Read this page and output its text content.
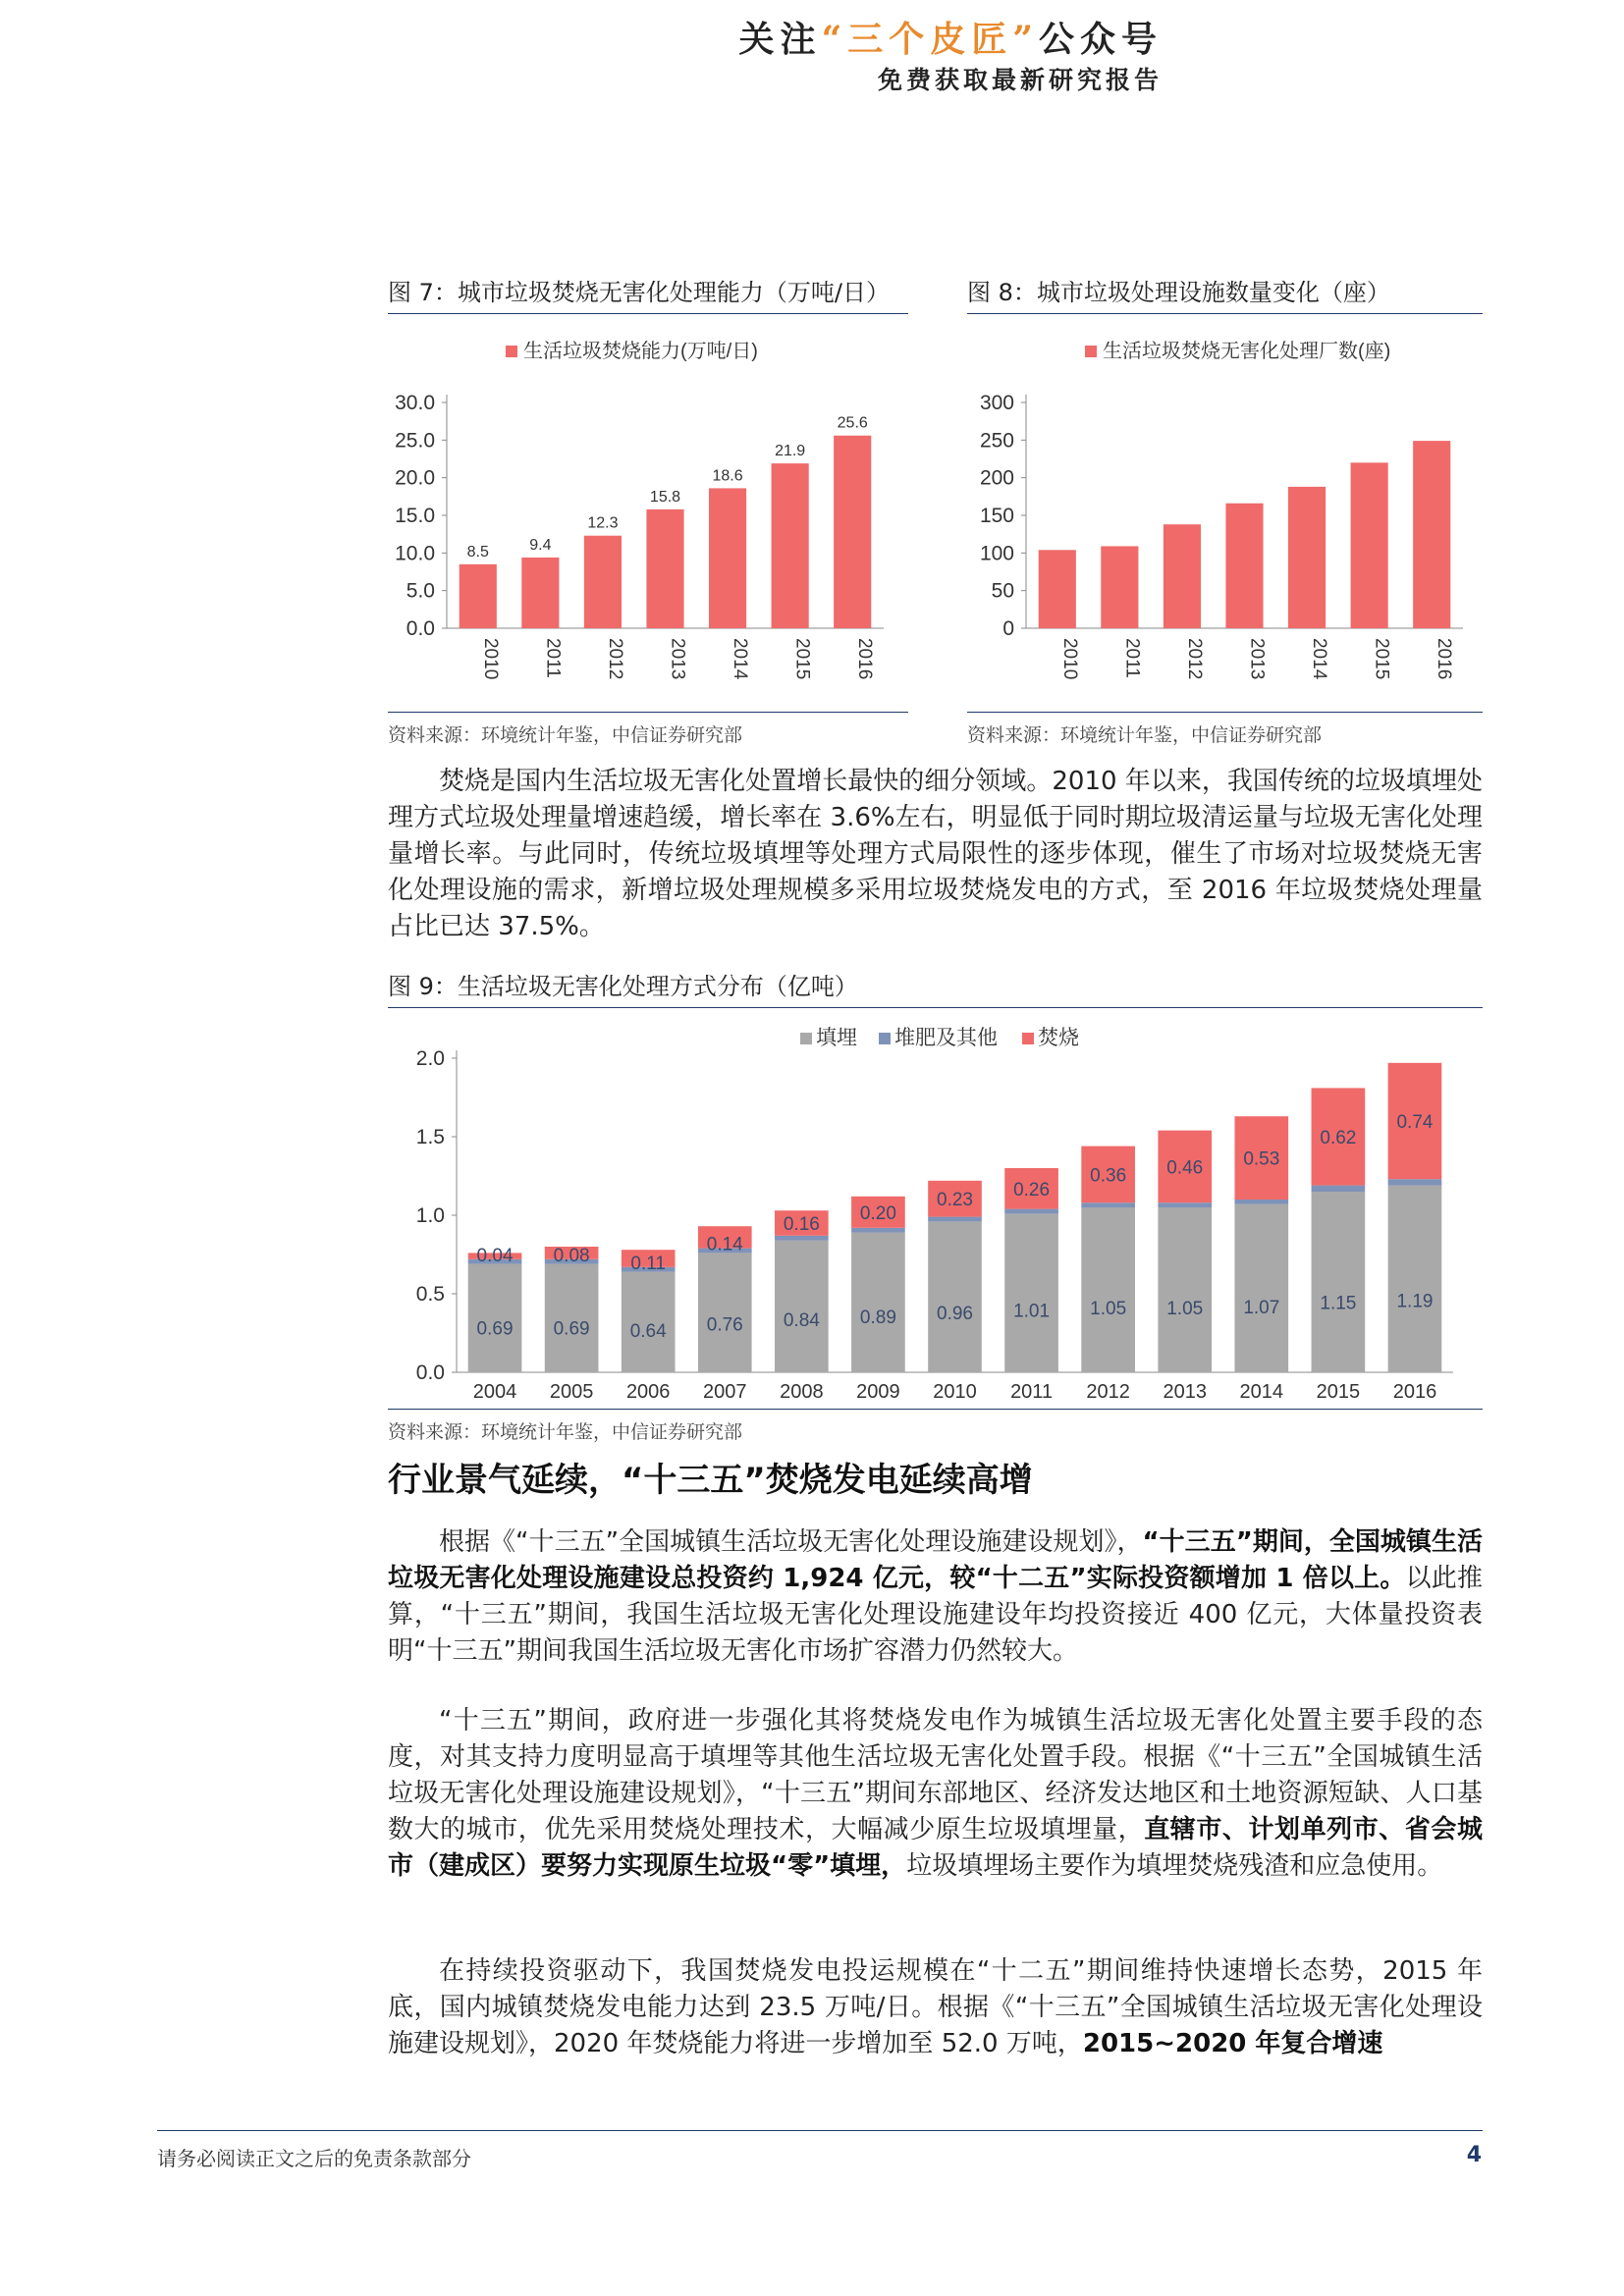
关注“三个皮匠”公众号
免费获取最新研究报告
图 7：城市垃圾焚烧无害化处理能力（万吨/日）
生活垃圾焚烧能力(万吨/日)
0.0
5.0
10.0
15.0
20.0
25.0
30.0
8.5
2010
9.4
2011
12.3
2012
15.8
2013
18.6
2014
21.9
2015
25.6
2016
资料来源：环境统计年鉴，中信证券研究部
图 8：城市垃圾处理设施数量变化（座）
生活垃圾焚烧无害化处理厂数(座)
0
50
100
150
200
250
300
2010 2011 2012 2013 2014 2015 2016
资料来源：环境统计年鉴，中信证券研究部

焚烧是国内生活垃圾无害化处置增长最快的细分领域。2010 年以来，我国传统的垃圾填埋处理方式垃圾处理量增速趋缓，增长率在 3.6%左右，明显低于同时期垃圾清运量与垃圾无害化处理量增长率。与此同时，传统垃圾填埋等处理方式局限性的逐步体现，催生了市场对垃圾焚烧无害化处理设施的需求，新增垃圾处理规模多采用垃圾焚烧发电的方式，至 2016 年垃圾焚烧处理量占比已达 37.5%。

图 9：生活垃圾无害化处理方式分布（亿吨）
填埋 堆肥及其他 焚烧
0.0
0.5
1.0
1.5
2.0
0.69
0.04
2004
0.69
0.08
2005
0.64
0.11
2006
0.76
0.14
2007
0.84
0.16
2008
0.89
0.20
2009
0.96
0.23
2010
1.01
0.26
2011
1.05
0.36
2012
1.05
0.46
2013
1.07
0.53
2014
1.15
0.62
2015
1.19
0.74
2016
资料来源：环境统计年鉴，中信证券研究部
行业景气延续，“十三五”焚烧发电延续高增

根据《“十三五”全国城镇生活垃圾无害化处理设施建设规划》，“十三五”期间，全国城镇生活垃圾无害化处理设施建设总投资约 1,924 亿元，较“十二五”实际投资额增加 1 倍以上。以此推算，“十三五”期间，我国生活垃圾无害化处理设施建设年均投资接近 400 亿元，大体量投资表明“十三五”期间我国生活垃圾无害化市场扩容潜力仍然较大。

“十三五”期间，政府进一步强化其将焚烧发电作为城镇生活垃圾无害化处置主要手段的态度，对其支持力度明显高于填埋等其他生活垃圾无害化处置手段。根据《“十三五”全国城镇生活垃圾无害化处理设施建设规划》，“十三五”期间东部地区、经济发达地区和土地资源短缺、人口基数大的城市，优先采用焚烧处理技术，大幅减少原生垃圾填埋量，直辖市、计划单列市、省会城市（建成区）要努力实现原生垃圾“零”填埋，垃圾填埋场主要作为填埋焚烧残渣和应急使用。

在持续投资驱动下，我国焚烧发电投运规模在“十二五”期间维持快速增长态势，2015 年底，国内城镇焚烧发电能力达到 23.5 万吨/日。根据《“十三五”全国城镇生活垃圾无害化处理设施建设规划》，2020 年焚烧能力将进一步增加至 52.0 万吨，2015~2020 年复合增速

请务必阅读正文之后的免责条款部分	4
